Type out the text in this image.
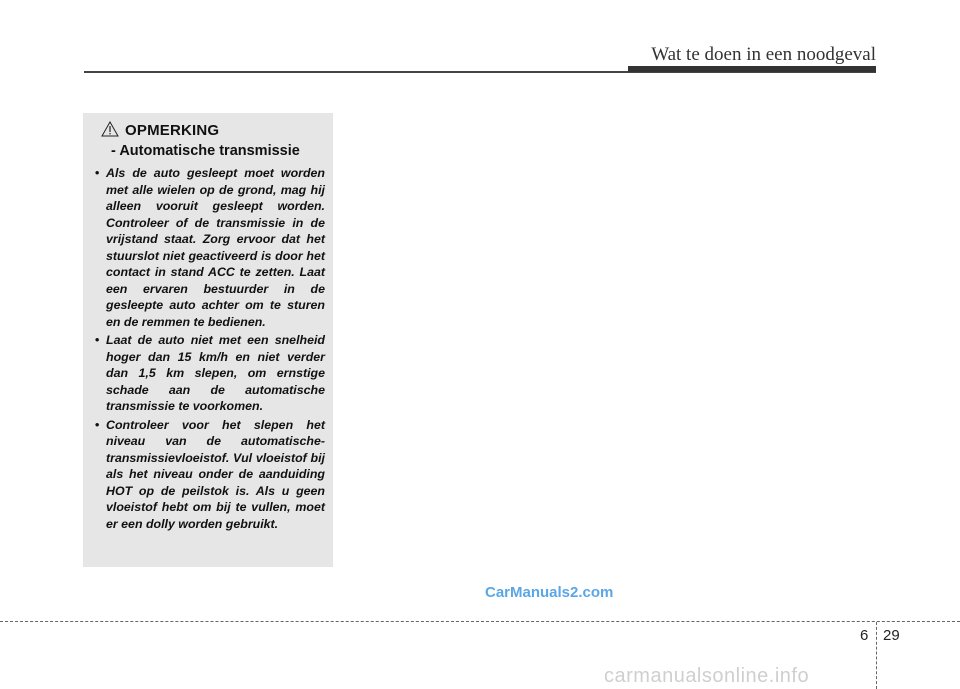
Wat te doen in een noodgeval
OPMERKING
- Automatische transmissie
• Als de auto gesleept moet worden met alle wielen op de grond, mag hij alleen vooruit gesleept worden. Controleer of de transmissie in de vrijstand staat. Zorg ervoor dat het stuurslot niet geactiveerd is door het contact in stand ACC te zetten. Laat een ervaren bestuurder in de gesleepte auto achter om te sturen en de remmen te bedienen.
• Laat de auto niet met een snelheid hoger dan 15 km/h en niet verder dan 1,5 km slepen, om ernstige schade aan de automatische transmissie te voorkomen.
• Controleer voor het slepen het niveau van de automatische-transmissievloeistof. Vul vloeistof bij als het niveau onder de aanduiding HOT op de peilstok is. Als u geen vloeistof hebt om bij te vullen, moet er een dolly worden gebruikt.
CarManuals2.com
6 29
carmanualsonline.info
